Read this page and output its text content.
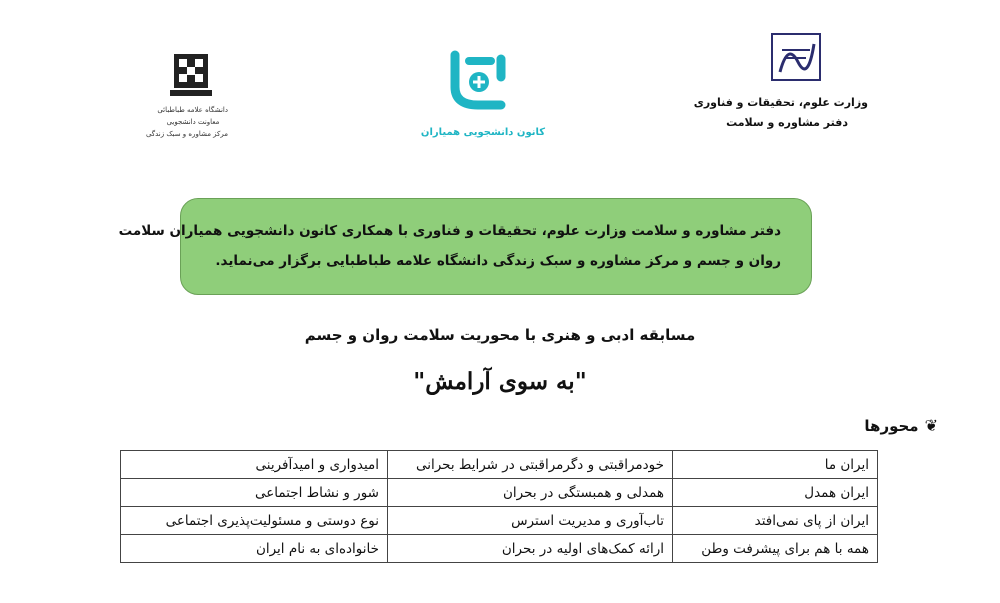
وزارت علوم، تحقیقات و فناوری
دفتر مشاوره و سلامت
کانون دانشجویی همیاران
دانشگاه علامه طباطبائی
معاونت دانشجویی
مرکز مشاوره و سبک زندگی

دفتر مشاوره و سلامت وزارت علوم، تحقیقات و فناوری با همکاری کانون دانشجویی همیاران سلامت

روان و جسم و مرکز مشاوره و سبک زندگی دانشگاه علامه طباطبایی برگزار می‌نماید.

مسابقه ادبی و هنری با محوریت سلامت روان و جسم
"به سوی آرامش"
❦
محورها
ایران ما	خودمراقبتی و دگرمراقبتی در شرایط بحرانی	امیدواری و امیدآفرینی
ایران همدل	همدلی و همبستگی در بحران	شور و نشاط اجتماعی
ایران از پای نمی‌افتد	تاب‌آوری و مدیریت استرس	نوع دوستی و مسئولیت‌پذیری اجتماعی
همه با هم برای پیشرفت وطن	ارائه کمک‌های اولیه در بحران	خانواده‌ای به نام ایران
